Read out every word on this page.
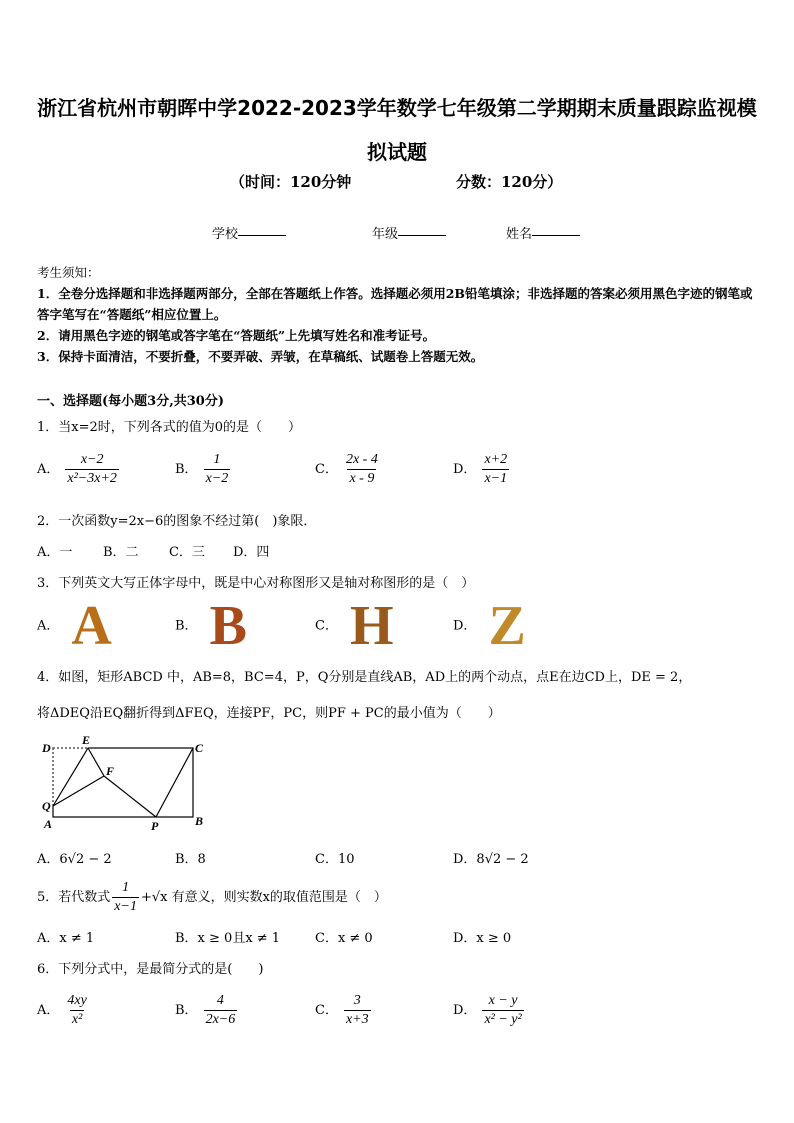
浙江省杭州市朝晖中学2022-2023学年数学七年级第二学期期末质量跟踪监视模拟试题
（时间：120分钟	分数：120分）
学校	年级	姓名
考生须知：
1．全卷分选择题和非选择题两部分，全部在答题纸上作答。选择题必须用2B铅笔填涂；非选择题的答案必须用黑色字迹的钢笔或答字笔写在“答题纸”相应位置上。
2．请用黑色字迹的钢笔或答字笔在“答题纸”上先填写姓名和准考证号。
3．保持卡面清洁，不要折叠，不要弄破、弄皱，在草稿纸、试题卷上答题无效。
一、选择题(每小题3分,共30分)
1．当x=2时，下列各式的值为0的是（　　）
A． $\frac{x-2}{\text{x²−3x+2}}$	B． $\frac{1}{x-2}$	C． $\frac{2x - 4}{x - 9}$	D． $\frac{x+2}{x-1}$
2．一次函数y=2x−6的图象不经过第(　)象限．
A．一 B．二 C．三 D．四
3．下列英文大写正体字母中，既是中心对称图形又是轴对称图形的是（　）
A． A	B． B	C． H	D． Z
4．如图，矩形ABCD 中，AB=8，BC=4，P，Q分别是直线AB，AD上的两个动点，点E在边CD上，DE = 2，
将ΔDEQ沿EQ翻折得到ΔFEQ，连接PF，PC，则PF + PC的最小值为（　　）
D
E
C
F
Q
A	P	B
A．6√2 − 2	B．8	C．10	D．8√2 − 2
5．若代数式 $\frac{1}{x-1} +√x$ 有意义，则实数x的取值范围是（　）
A．x ≠ 1	B．x ≥ 0且x ≠ 1	C．x ≠ 0	D．x ≥ 0
6．下列分式中，是最简分式的是(　　)
A． $\frac{4xy}{\text{x²}}$	B． $\frac{4}{2x-6}$	C． $\frac{3}{x+3}$	D． $\frac{x - y}{\text{x² − y²}}$
